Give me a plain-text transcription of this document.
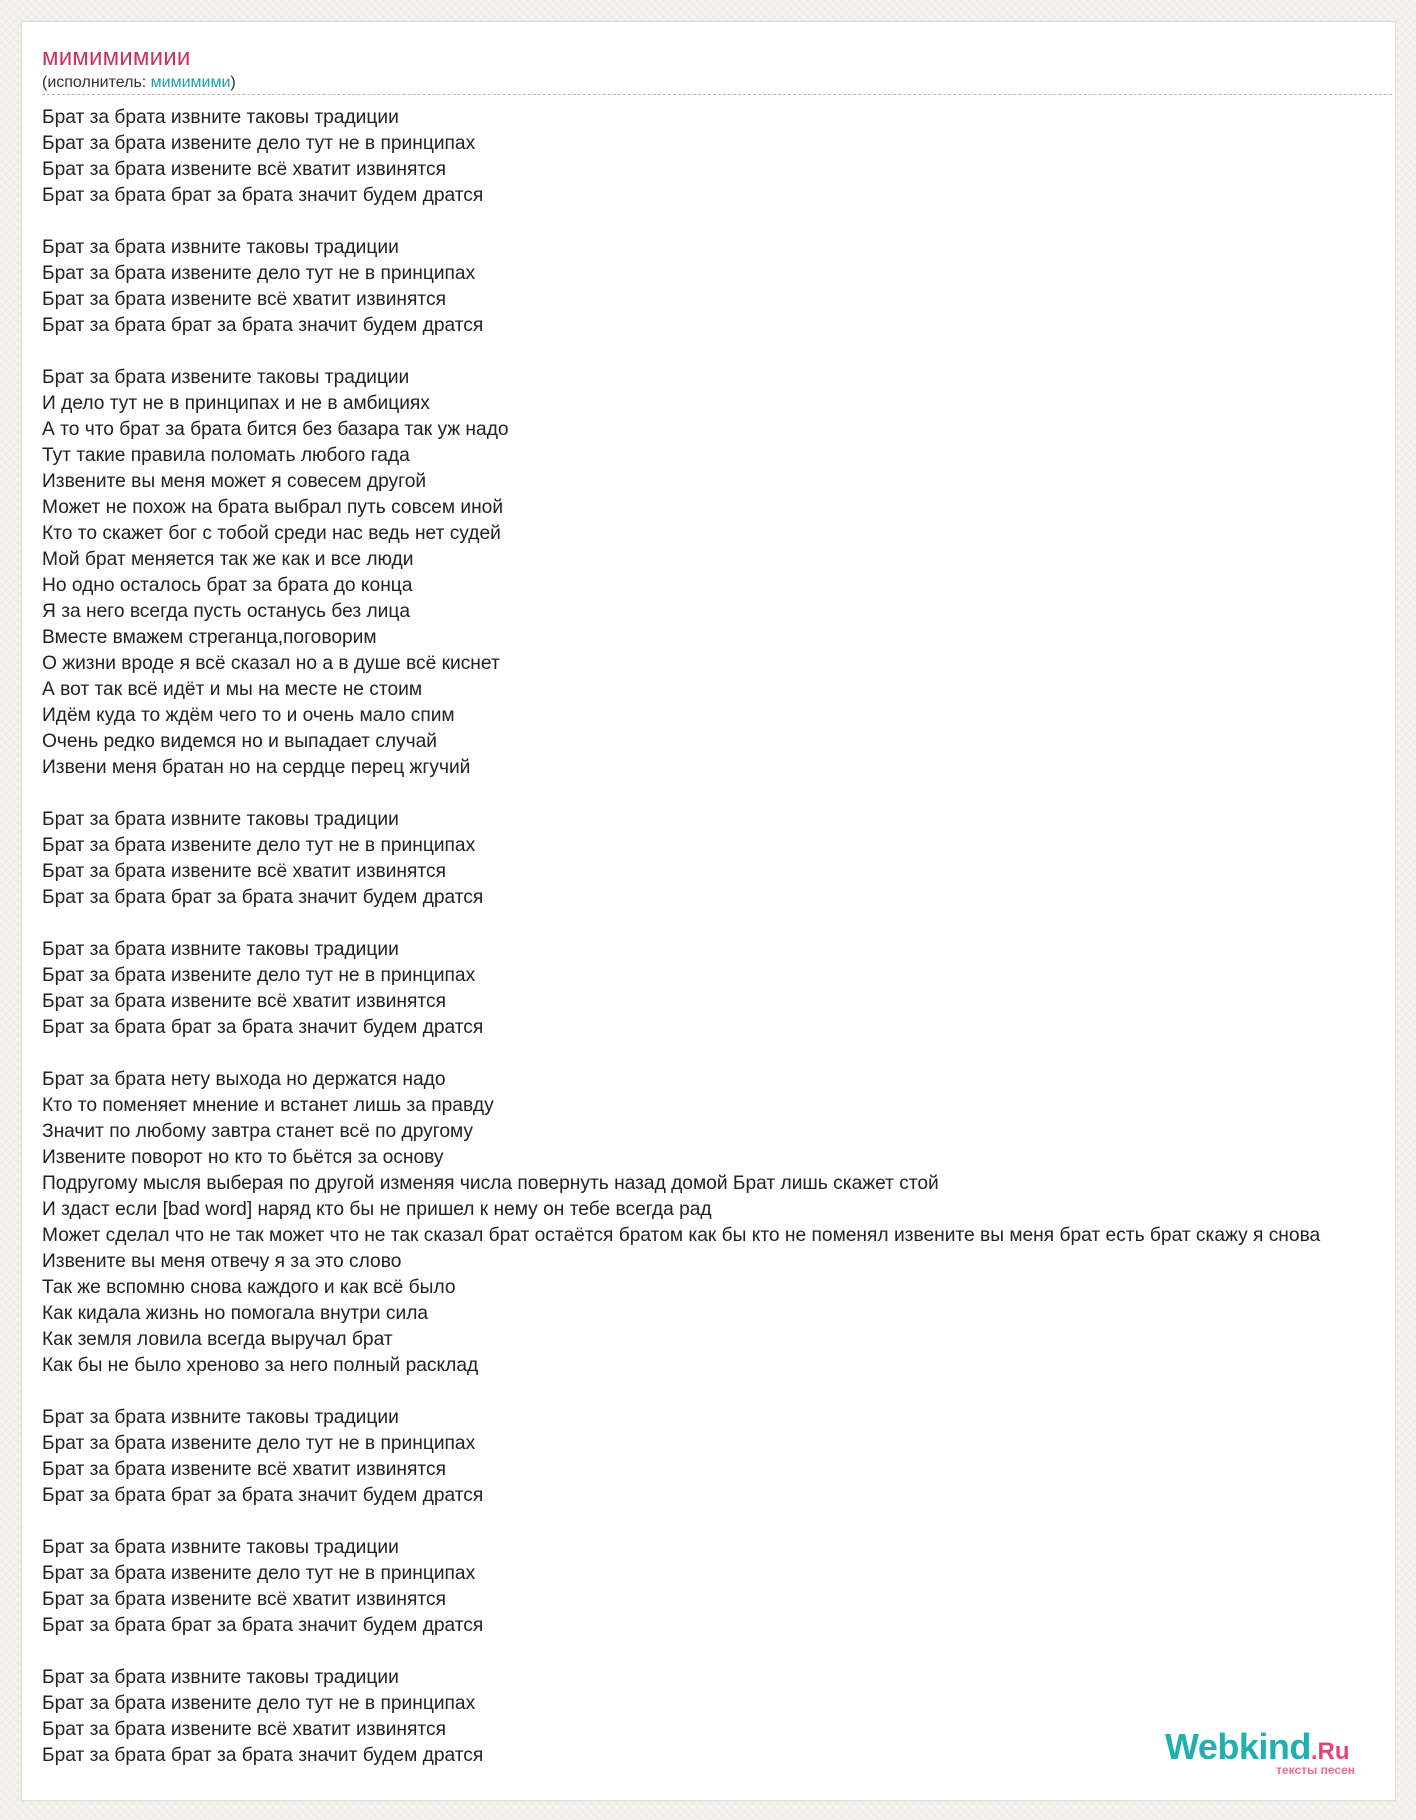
мимимимиии
(исполнитель: мимимими)
Брат за брата извните таковы традиции
Брат за брата извените дело тут не в принципах
Брат за брата извените всё хватит извинятся
Брат за брата брат за брата значит будем дратся
Брат за брата извните таковы традиции
Брат за брата извените дело тут не в принципах
Брат за брата извените всё хватит извинятся
Брат за брата брат за брата значит будем дратся
Брат за брата извените таковы традиции
И дело тут не в принципах и не в амбициях
А то что брат за брата бится без базара так уж надо
Тут такие правила поломать любого гада
Извените вы меня может я совесем другой
Может не похож на брата выбрал путь совсем иной
Кто то скажет бог с тобой среди нас ведь нет судей
Мой брат меняется так же как и все люди
Но одно осталось брат за брата до конца
Я за него всегда пусть останусь без лица
Вместе вмажем стреганца,поговорим
О жизни вроде я всё сказал но а в душе всё киснет
А вот так всё идёт и мы на месте не стоим
Идём куда то ждём чего то и очень мало спим
Очень редко видемся но и выпадает случай
Извени меня братан но на сердце перец жгучий
Брат за брата извните таковы традиции
Брат за брата извените дело тут не в принципах
Брат за брата извените всё хватит извинятся
Брат за брата брат за брата значит будем дратся
Брат за брата извните таковы традиции
Брат за брата извените дело тут не в принципах
Брат за брата извените всё хватит извинятся
Брат за брата брат за брата значит будем дратся
Брат за брата нету выхода но держатся надо
Кто то поменяет мнение и встанет лишь за правду
Значит по любому завтра станет всё по другому
Извените поворот но кто то бьётся за основу
Подругому мысля выберая по другой изменяя числа повернуть назад домой Брат лишь скажет стой
И здаст если [bad word] наряд кто бы не пришел к нему он тебе всегда рад
Может сделал что не так может что не так сказал брат остаётся братом как бы кто не поменял извените вы меня брат есть брат скажу я снова
Извените вы меня отвечу я за это слово
Так же вспомню снова каждого и как всё было
Как кидала жизнь но помогала внутри сила
Как земля ловила всегда выручал брат
Как бы не было хреново за него полный расклад
Брат за брата извните таковы традиции
Брат за брата извените дело тут не в принципах
Брат за брата извените всё хватит извинятся
Брат за брата брат за брата значит будем дратся
Брат за брата извните таковы традиции
Брат за брата извените дело тут не в принципах
Брат за брата извените всё хватит извинятся
Брат за брата брат за брата значит будем дратся
Брат за брата извните таковы традиции
Брат за брата извените дело тут не в принципах
Брат за брата извените всё хватит извинятся
Брат за брата брат за брата значит будем дратся	Webkind.Ru
тексты песен
